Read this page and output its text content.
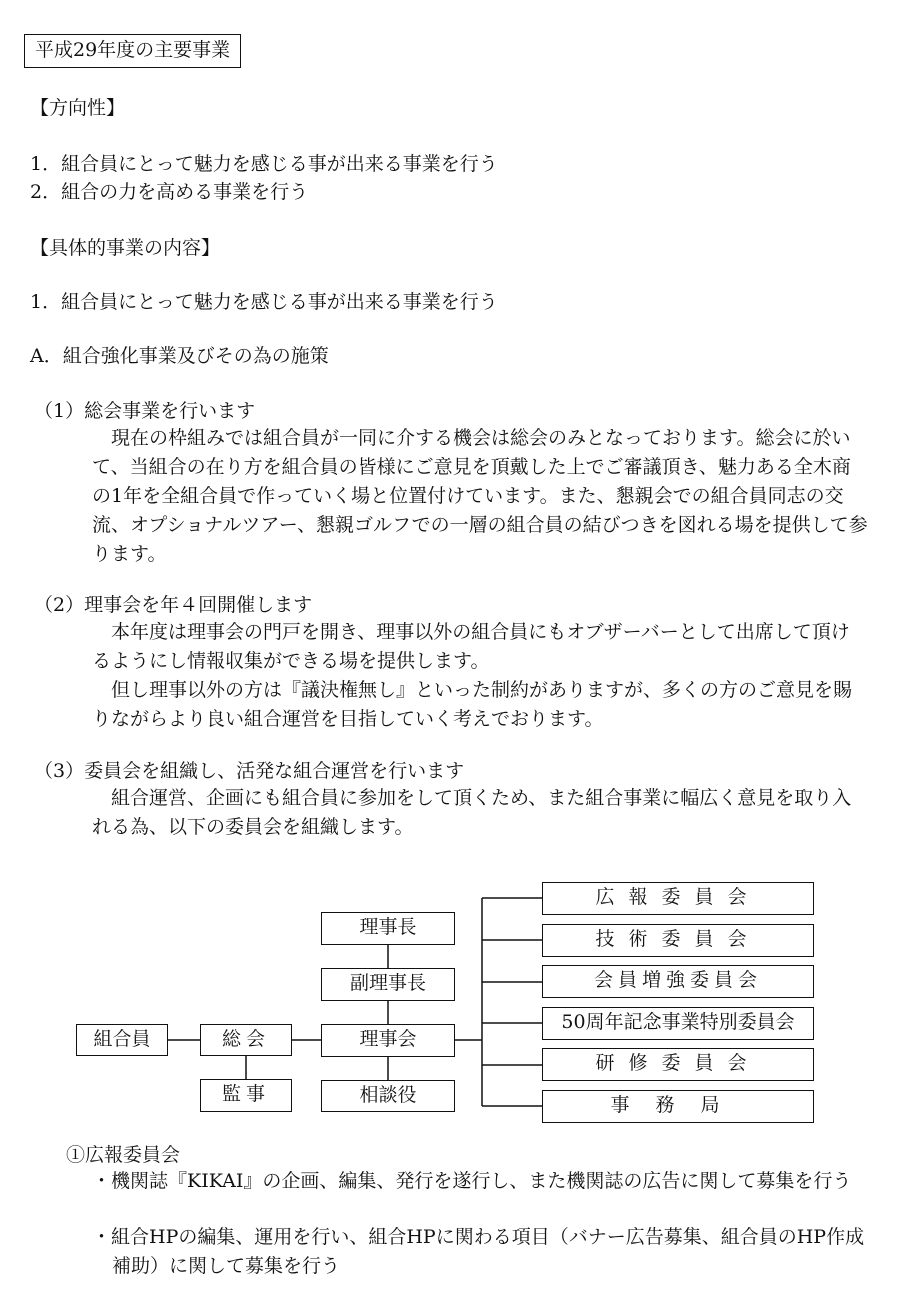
平成29年度の主要事業
【方向性】
1．組合員にとって魅力を感じる事が出来る事業を行う
2．組合の力を高める事業を行う
【具体的事業の内容】
1．組合員にとって魅力を感じる事が出来る事業を行う
A．組合強化事業及びその為の施策
（1）総会事業を行います

　現在の枠組みでは組合員が一同に介する機会は総会のみとなっております。総会に於いて、当組合の在り方を組合員の皆様にご意見を頂戴した上でご審議頂き、魅力ある全木商の1年を全組合員で作っていく場と位置付けています。また、懇親会での組合員同志の交流、オプショナルツアー、懇親ゴルフでの一層の組合員の結びつきを図れる場を提供して参ります。

（2）理事会を年４回開催します

　本年度は理事会の門戸を開き、理事以外の組合員にもオブザーバーとして出席して頂けるようにし情報収集ができる場を提供します。

　但し理事以外の方は『議決権無し』といった制約がありますが、多くの方のご意見を賜りながらより良い組合運営を目指していく考えでおります。

（3）委員会を組織し、活発な組合運営を行います

　組合運営、企画にも組合員に参加をして頂くため、また組合事業に幅広く意見を取り入れる為、以下の委員会を組織します。

組合員	総会
監事
理事長
副理事長
理事会
相談役
広報委員会
技術委員会
会員増強委員会
50周年記念事業特別委員会
研修委員会
事務局
①広報委員会

・機関誌『KIKAI』の企画、編集、発行を遂行し、また機関誌の広告に関して募集を行う

・組合HPの編集、運用を行い、組合HPに関わる項目（バナー広告募集、組合員のHP作成補助）に関して募集を行う
